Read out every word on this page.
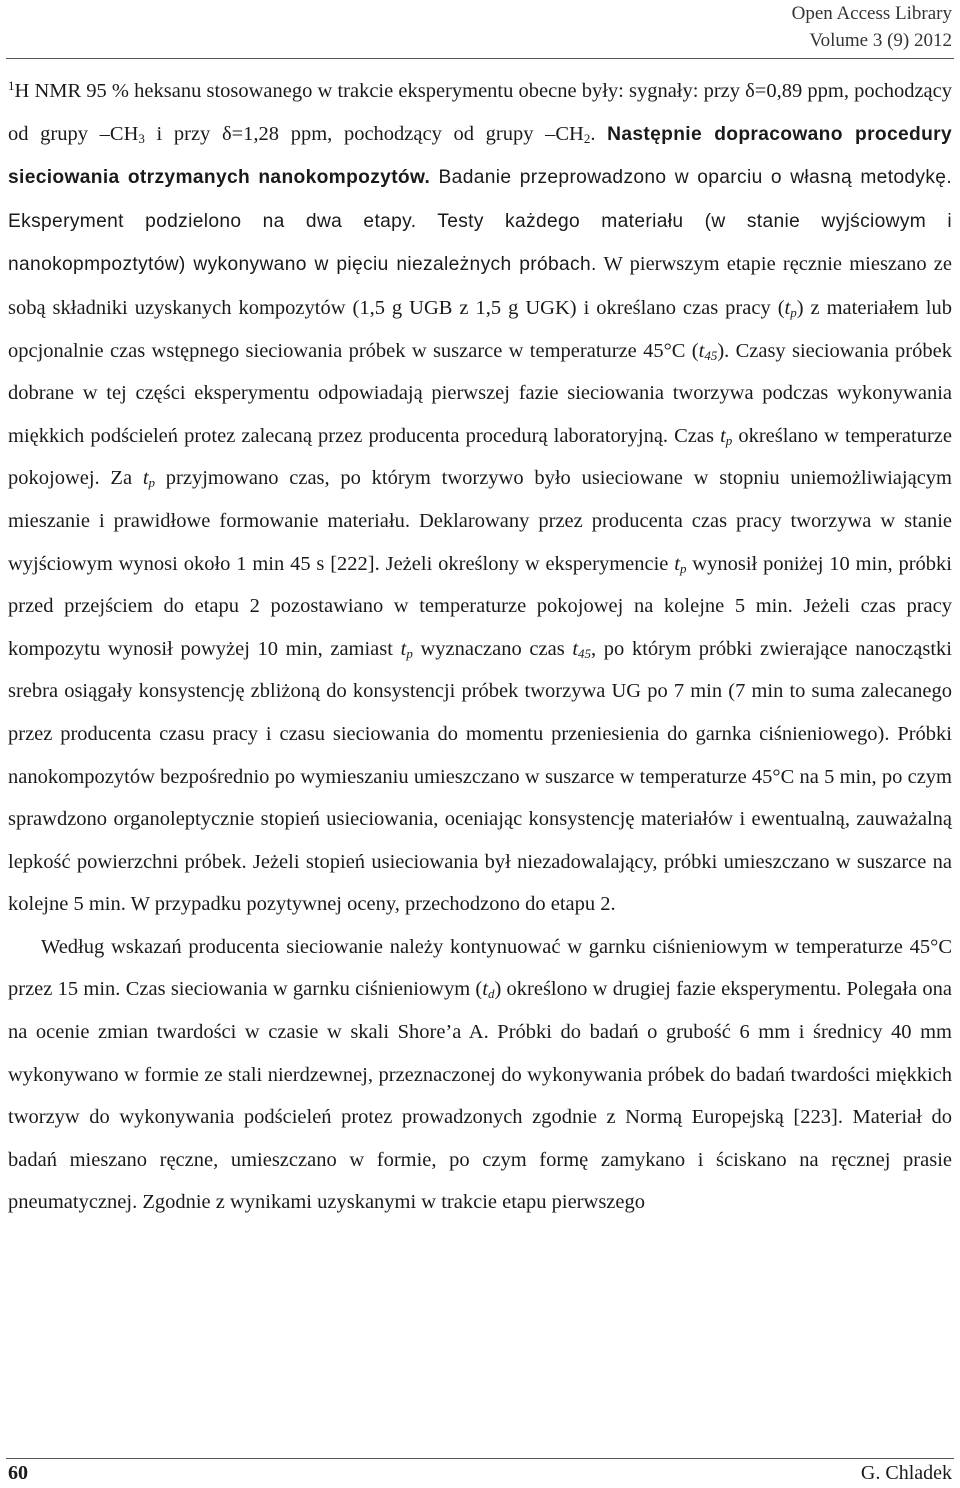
Open Access Library
Volume 3 (9) 2012

$^1$H NMR 95 % heksanu stosowanego w trakcie eksperymentu obecne były: sygnały: przy δ=0,89 ppm, pochodzący od grupy $-CH_3$ i przy δ=1,28 ppm, pochodzący od grupy $-CH_2$. Następnie dopracowano procedury sieciowania otrzymanych nanokompozytów. Badanie przeprowadzono w oparciu o własną metodykę. Eksperyment podzielono na dwa etapy. Testy każdego materiału (w stanie wyjściowym i nanokopmpoztytów) wykonywano w pięciu niezależnych próbach. W pierwszym etapie ręcznie mieszano ze sobą składniki uzyskanych kompozytów (1,5 g UGB z 1,5 g UGK) i określano czas pracy $(t_p)$ z materiałem lub opcjonalnie czas wstępnego sieciowania próbek w suszarce w temperaturze 45°C $(t_{45})$. Czasy sieciowania próbek dobrane w tej części eksperymentu odpowiadają pierwszej fazie sieciowania tworzywa podczas wykonywania miękkich podścieleń protez zalecaną przez producenta procedurą laboratoryjną. Czas $t_p$ określano w temperaturze pokojowej. Za $t_p$ przyjmowano czas, po którym tworzywo było usieciowane w stopniu uniemożliwiającym mieszanie i prawidłowe formowanie materiału. Deklarowany przez producenta czas pracy tworzywa w stanie wyjściowym wynosi około 1 min 45 s [222]. Jeżeli określony w eksperymencie $t_p$ wynosił poniżej 10 min, próbki przed przejściem do etapu 2 pozostawiano w temperaturze pokojowej na kolejne 5 min. Jeżeli czas pracy kompozytu wynosił powyżej 10 min, zamiast $t_p$ wyznaczano czas $t_{45}$, po którym próbki zwierające nanocząstki srebra osiągały konsystencję zbliżoną do konsystencji próbek tworzywa UG po 7 min (7 min to suma zalecanego przez producenta czasu pracy i czasu sieciowania do momentu przeniesienia do garnka ciśnieniowego). Próbki nanokompozytów bezpośrednio po wymieszaniu umieszczano w suszarce w temperaturze 45°C na 5 min, po czym sprawdzono organoleptycznie stopień usieciowania, oceniając konsystencję materiałów i ewentualną, zauważalną lepkość powierzchni próbek. Jeżeli stopień usieciowania był niezadowalający, próbki umieszczano w suszarce na kolejne 5 min. W przypadku pozytywnej oceny, przechodzono do etapu 2.

Według wskazań producenta sieciowanie należy kontynuować w garnku ciśnieniowym w temperaturze 45°C przez 15 min. Czas sieciowania w garnku ciśnieniowym $(t_d)$ określono w drugiej fazie eksperymentu. Polegała ona na ocenie zmian twardości w czasie w skali Shore’a A. Próbki do badań o grubość 6 mm i średnicy 40 mm wykonywano w formie ze stali nierdzewnej, przeznaczonej do wykonywania próbek do badań twardości miękkich tworzyw do wykonywania podścieleń protez prowadzonych zgodnie z Normą Europejską [223]. Materiał do badań mieszano ręczne, umieszczano w formie, po czym formę zamykano i ściskano na ręcznej prasie pneumatycznej. Zgodnie z wynikami uzyskanymi w trakcie etapu pierwszego

60	G. Chladek
